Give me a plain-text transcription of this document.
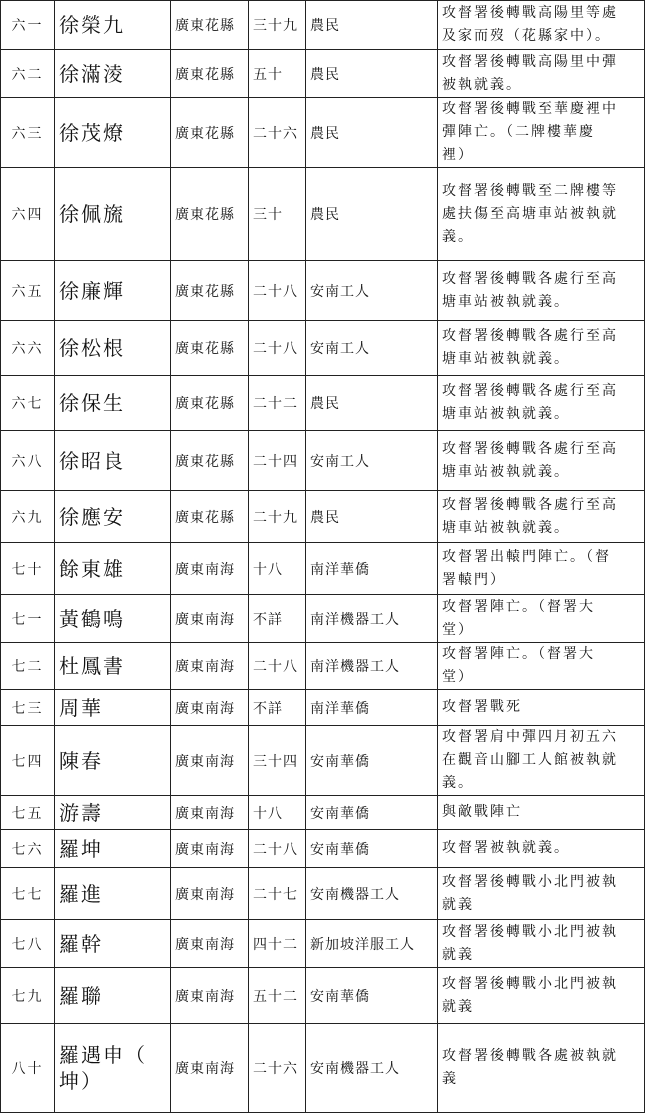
六一	徐榮九	廣東花縣	三十九	農民	攻督署後轉戰高陽里等處
及家而歿（花縣家中）。
六二	徐滿淩	廣東花縣	五十	農民	攻督署後轉戰高陽里中彈
被執就義。
六三	徐茂燎	廣東花縣	二十六	農民	攻督署後轉戰至華慶裡中
彈陣亡。（二牌樓華慶
裡）
六四	徐佩旒	廣東花縣	三十	農民	攻督署後轉戰至二牌樓等
處扶傷至高塘車站被執就
義。
六五	徐廉輝	廣東花縣	二十八	安南工人	攻督署後轉戰各處行至高
塘車站被執就義。
六六	徐松根	廣東花縣	二十八	安南工人	攻督署後轉戰各處行至高
塘車站被執就義。
六七	徐保生	廣東花縣	二十二	農民	攻督署後轉戰各處行至高
塘車站被執就義。
六八	徐昭良	廣東花縣	二十四	安南工人	攻督署後轉戰各處行至高
塘車站被執就義。
六九	徐應安	廣東花縣	二十九	農民	攻督署後轉戰各處行至高
塘車站被執就義。
七十	餘東雄	廣東南海	十八	南洋華僑	攻督署出轅門陣亡。（督
署轅門）
七一	黃鶴鳴	廣東南海	不詳	南洋機器工人	攻督署陣亡。（督署大
堂）
七二	杜鳳書	廣東南海	二十八	南洋機器工人	攻督署陣亡。（督署大
堂）
七三	周華	廣東南海	不詳	南洋華僑	攻督署戰死
七四	陳春	廣東南海	三十四	安南華僑	攻督署肩中彈四月初五六
在觀音山腳工人館被執就
義。
七五	游壽	廣東南海	十八	安南華僑	與敵戰陣亡
七六	羅坤	廣東南海	二十八	安南華僑	攻督署被執就義。
七七	羅進	廣東南海	二十七	安南機器工人	攻督署後轉戰小北門被執
就義
七八	羅幹	廣東南海	四十二	新加坡洋服工人	攻督署後轉戰小北門被執
就義
七九	羅聯	廣東南海	五十二	安南華僑	攻督署後轉戰小北門被執
就義
八十	羅遇申（
坤）	廣東南海	二十六	安南機器工人	攻督署後轉戰各處被執就
義
